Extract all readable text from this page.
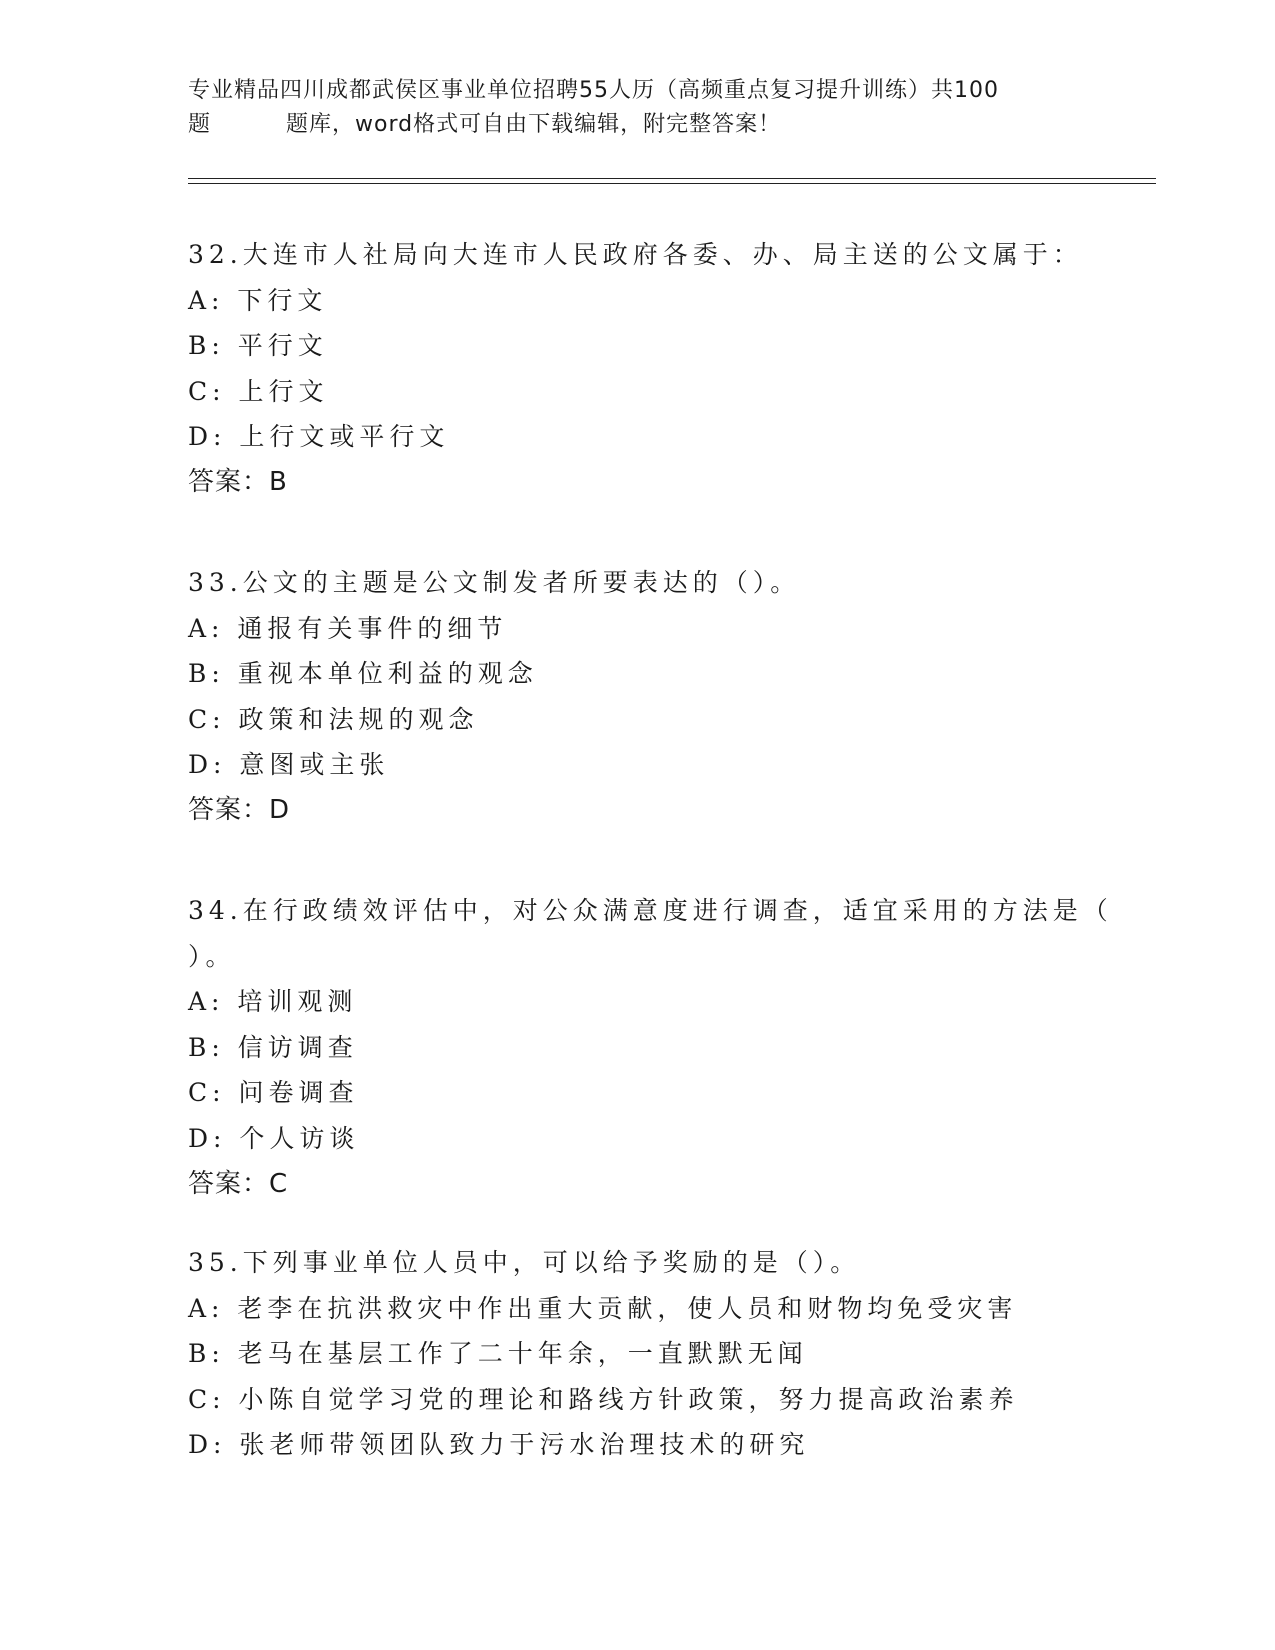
专业精品四川成都武侯区事业单位招聘55人历（高频重点复习提升训练）共100
题	题库，word格式可自由下载编辑，附完整答案！
32.大连市人社局向大连市人民政府各委、办、局主送的公文属于：
A: 下行文
B: 平行文
C: 上行文
D: 上行文或平行文
答案：B
33.公文的主题是公文制发者所要表达的（）。
A: 通报有关事件的细节
B: 重视本单位利益的观念
C: 政策和法规的观念
D: 意图或主张
答案：D
34.在行政绩效评估中，对公众满意度进行调查，适宜采用的方法是（
）。
A: 培训观测
B: 信访调查
C: 问卷调查
D: 个人访谈
答案：C
35.下列事业单位人员中，可以给予奖励的是（）。
A: 老李在抗洪救灾中作出重大贡献，使人员和财物均免受灾害
B: 老马在基层工作了二十年余，一直默默无闻
C: 小陈自觉学习党的理论和路线方针政策，努力提高政治素养
D: 张老师带领团队致力于污水治理技术的研究
